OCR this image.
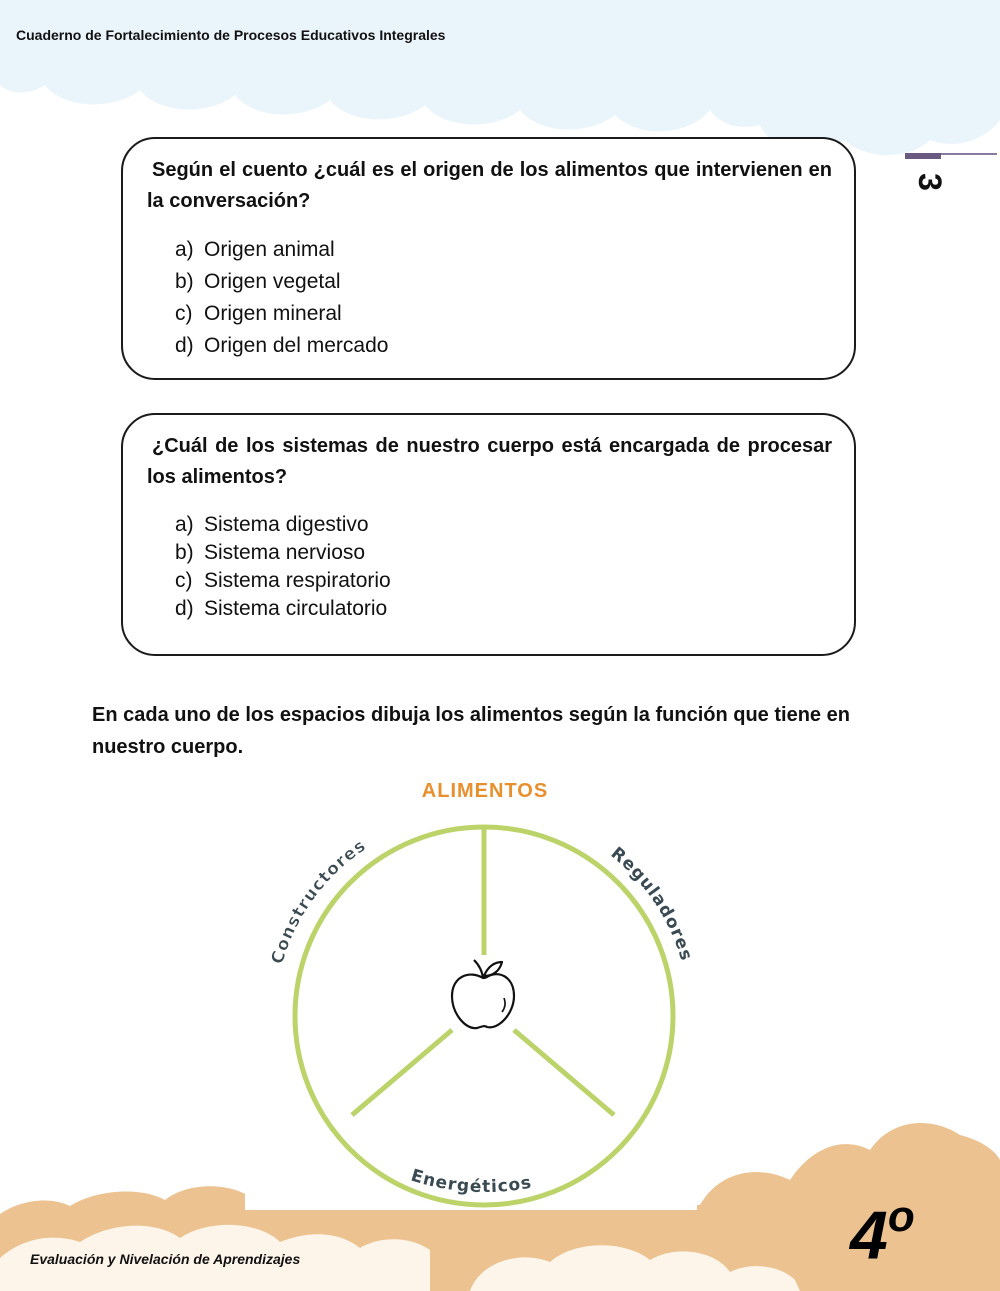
Cuaderno de Fortalecimiento de Procesos Educativos Integrales
3
Según el cuento ¿cuál es el origen de los alimentos que intervienen en la conversación?
a) Origen animal
b) Origen vegetal
c) Origen mineral
d) Origen del mercado
¿Cuál de los sistemas de nuestro cuerpo está encargada de procesar los alimentos?
a) Sistema digestivo
b) Sistema nervioso
c) Sistema respiratorio
d) Sistema circulatorio
En cada uno de los espacios dibuja los alimentos según la función que tiene en nuestro cuerpo.
ALIMENTOS
Constructores	Reguladores
Energéticos
Evaluación y Nivelación de Aprendizajes	4$^o$
